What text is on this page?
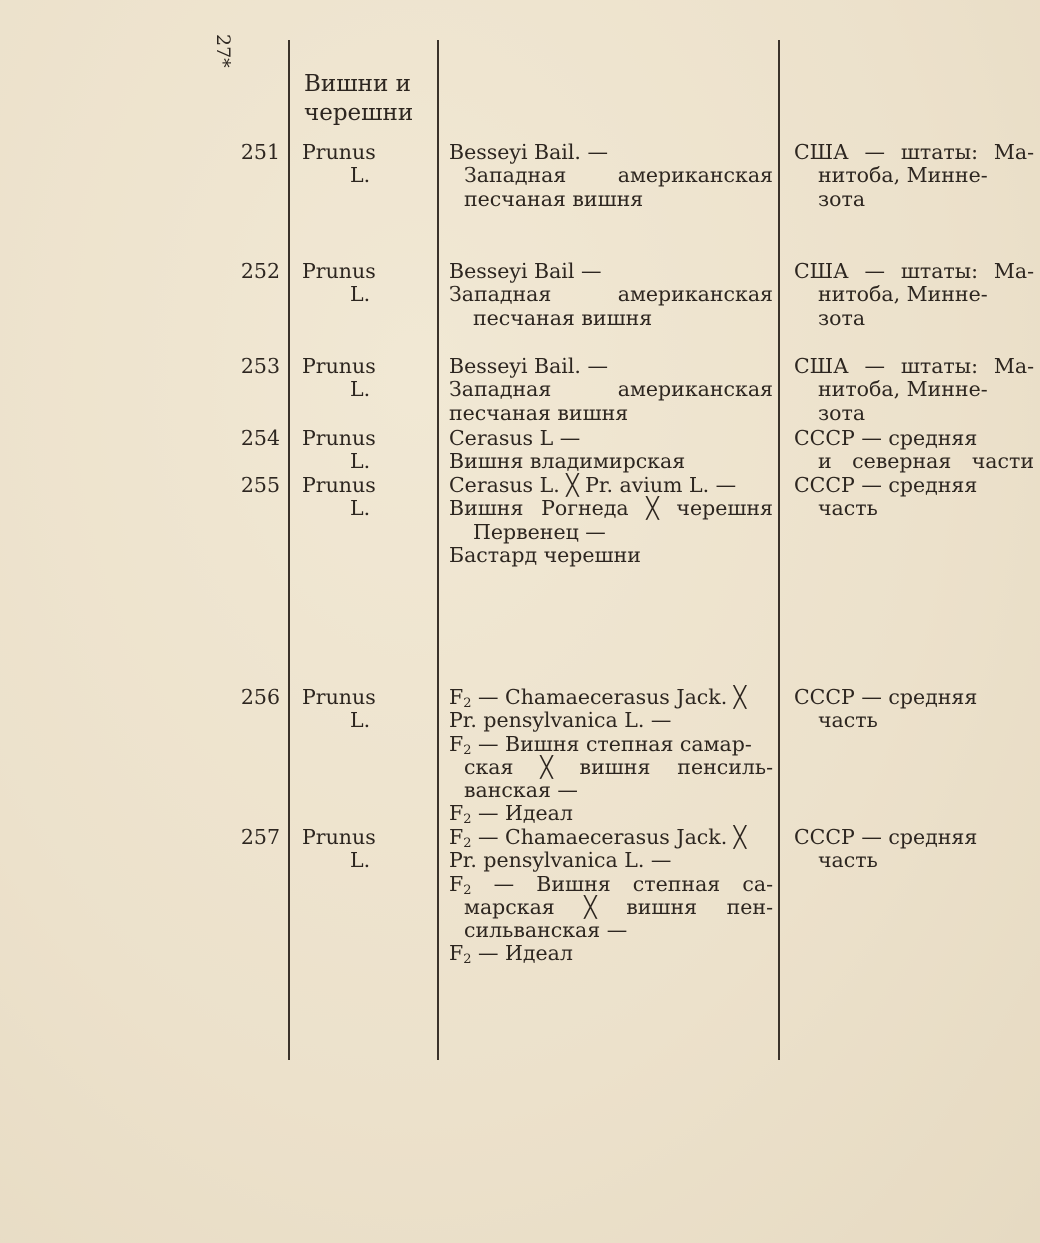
27*
Вишни и
черешни
251 Prunus
L.
Besseyi Bail. —
Западная американская
песчаная вишня
США — штаты: Ма-
нитоба, Минне-
зота
252 Prunus
L.
Besseyi Bail —
Западная американская
песчаная вишня
США — штаты: Ма-
нитоба, Минне-
зота
253 Prunus
L.
Besseyi Bail. —
Западная американская
песчаная вишня
США — штаты: Ма-
нитоба, Минне-
зота
254 Prunus
L.
Cerasus L —
Вишня владимирская
СССР — средняя
и северная части
255 Prunus
L.
Cerasus L. ╳ Pr. avium L. —
Вишня Рогнеда ╳ черешня
Первенец —
Бастард черешни
СССР — средняя
часть
256 Prunus
L.
$F_2$ — Chamaecerasus Jack. ╳
Pr. pensylvanica L. —
$F_2$ — Вишня степная самар-
ская ╳ вишня пенсиль-
ванская —
$F_2$ — Идеал
СССР — средняя
часть
257 Prunus
L.
$F_2$ — Chamaecerasus Jack. ╳
Pr. pensylvanica L. —
$F_2$ — Вишня степная са-
марская ╳ вишня пен-
сильванская —
$F_2$ — Идеал
СССР — средняя
часть
